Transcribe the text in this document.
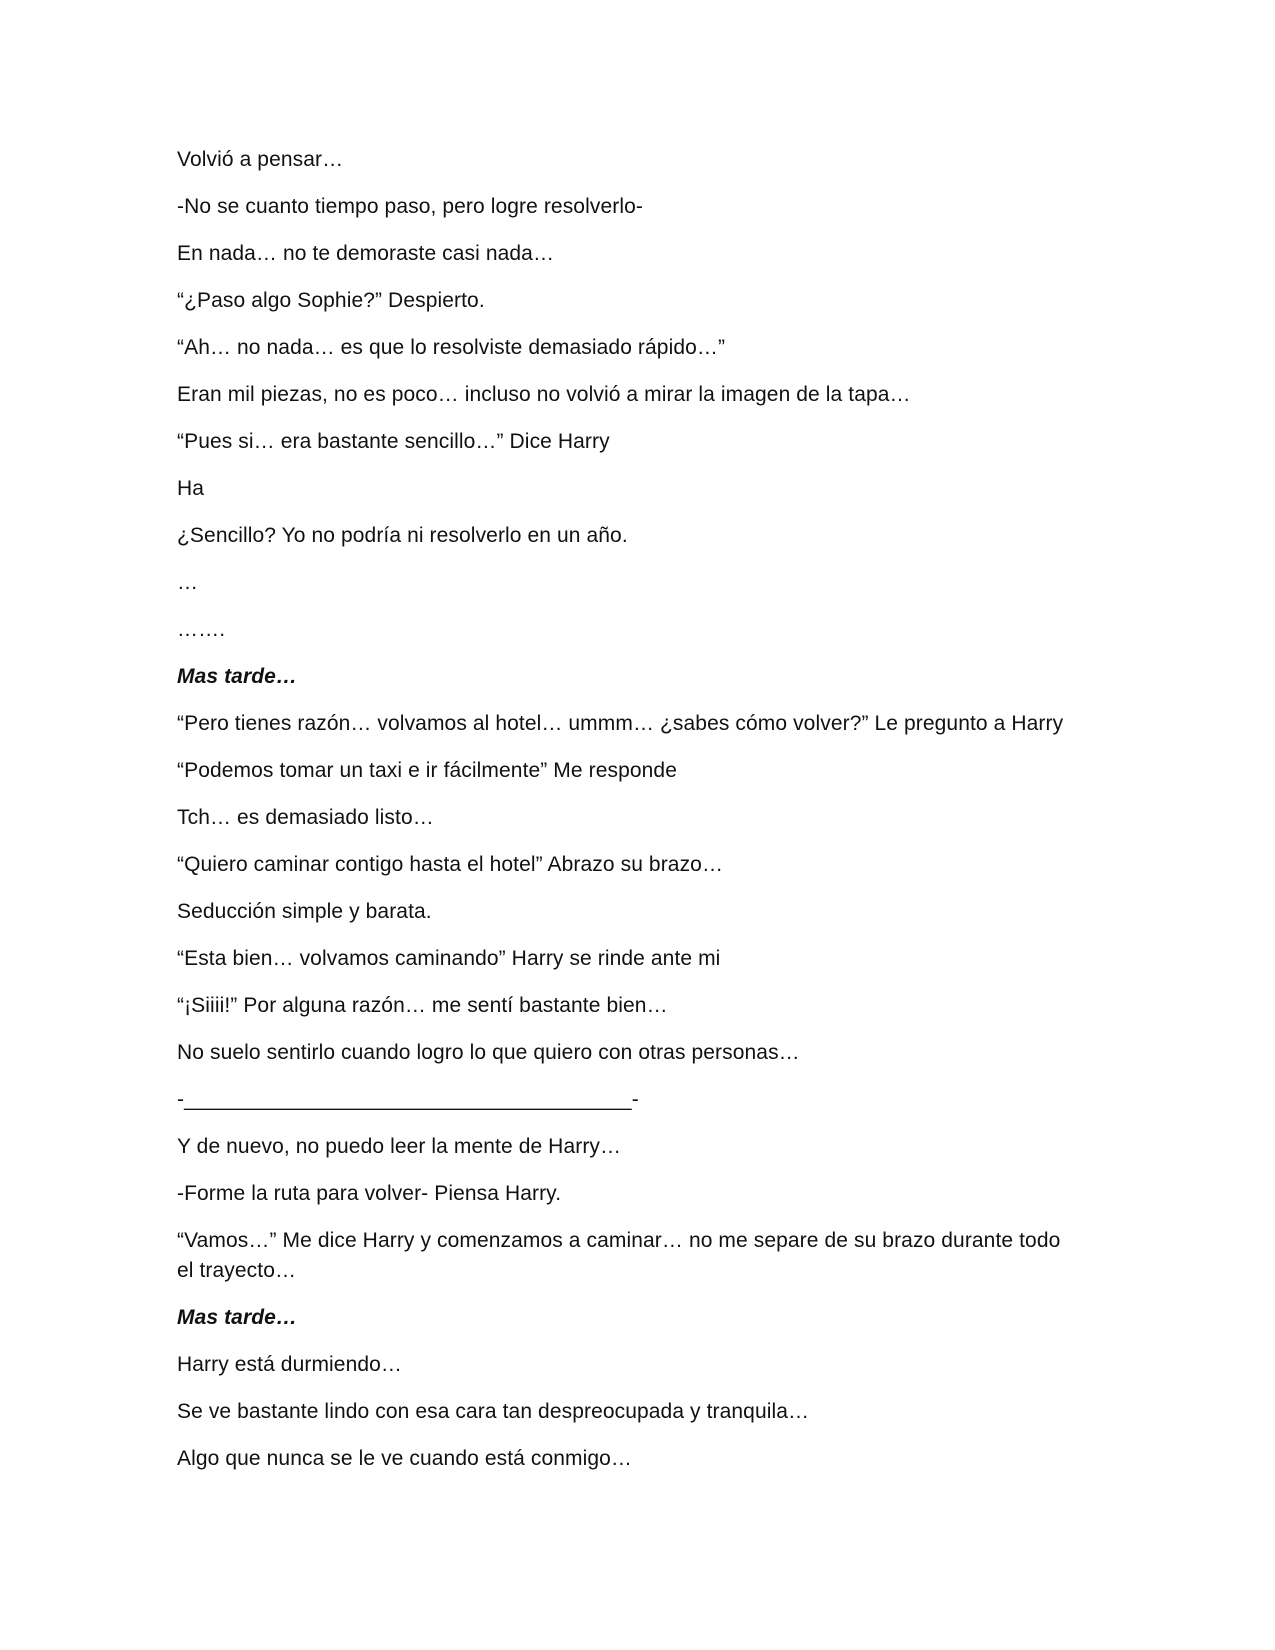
Volvió a pensar…

-No se cuanto tiempo paso, pero logre resolverlo-

En nada… no te demoraste casi nada…

“¿Paso algo Sophie?” Despierto.

“Ah… no nada… es que lo resolviste demasiado rápido…”

Eran mil piezas, no es poco… incluso no volvió a mirar la imagen de la tapa…

“Pues si… era bastante sencillo…” Dice Harry

Ha

¿Sencillo? Yo no podría ni resolverlo en un año.

…

…….

Mas tarde…

“Pero tienes razón… volvamos al hotel… ummm… ¿sabes cómo volver?” Le pregunto a Harry

“Podemos tomar un taxi e ir fácilmente” Me responde

Tch… es demasiado listo…

“Quiero caminar contigo hasta el hotel” Abrazo su brazo…

Seducción simple y barata.

“Esta bien… volvamos caminando” Harry se rinde ante mi

“¡Siiii!” Por alguna razón… me sentí bastante bien…

No suelo sentirlo cuando logro lo que quiero con otras personas…

-______________________________________-

Y de nuevo, no puedo leer la mente de Harry…

-Forme la ruta para volver- Piensa Harry.

“Vamos…” Me dice Harry y comenzamos a caminar… no me separe de su brazo durante todo el trayecto…

Mas tarde…

Harry está durmiendo…

Se ve bastante lindo con esa cara tan despreocupada y tranquila…

Algo que nunca se le ve cuando está conmigo…
